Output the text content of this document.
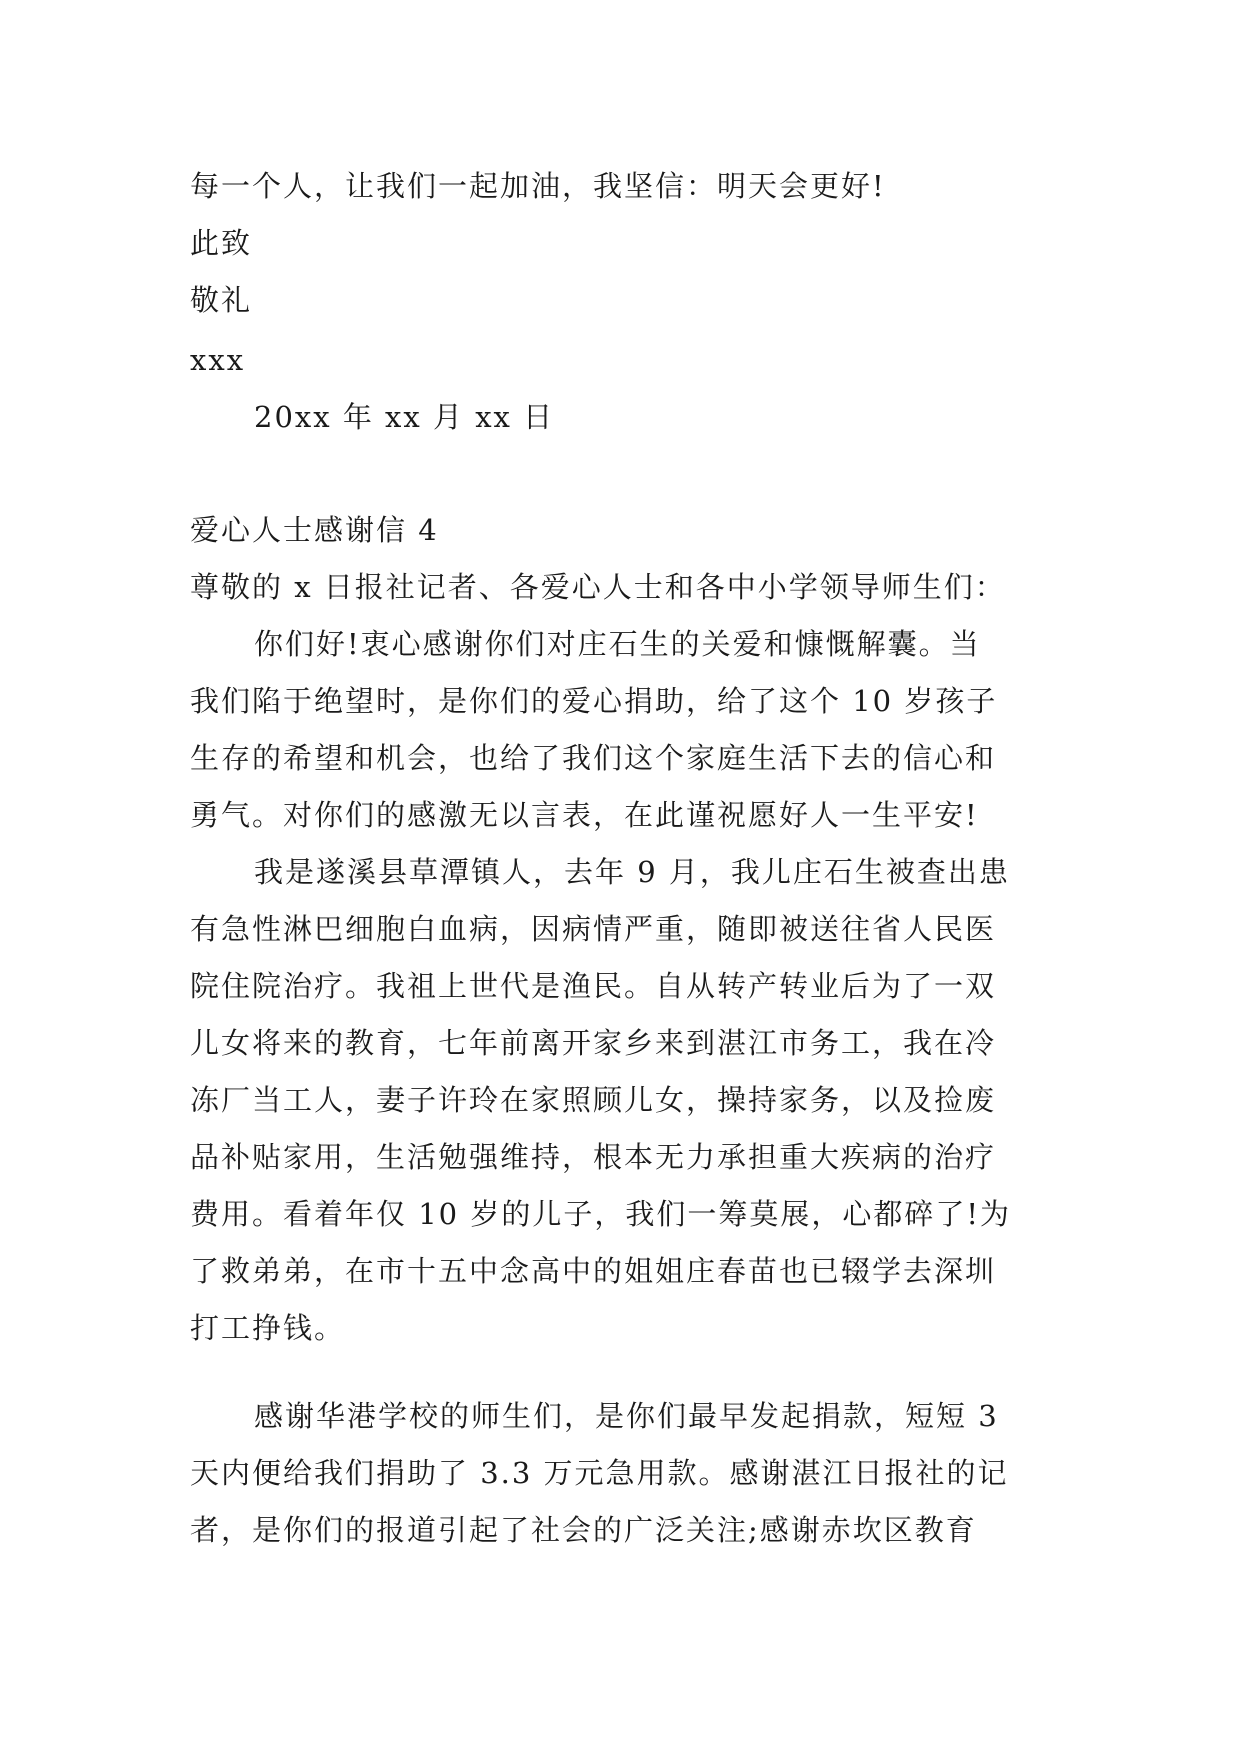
每一个人，让我们一起加油，我坚信：明天会更好!
此致
敬礼
xxx
20xx 年 xx 月 xx 日
爱心人士感谢信 4
尊敬的 x 日报社记者、各爱心人士和各中小学领导师生们：
你们好!衷心感谢你们对庄石生的关爱和慷慨解囊。当
我们陷于绝望时，是你们的爱心捐助，给了这个 10 岁孩子
生存的希望和机会，也给了我们这个家庭生活下去的信心和
勇气。对你们的感激无以言表，在此谨祝愿好人一生平安!
我是遂溪县草潭镇人，去年 9 月，我儿庄石生被查出患
有急性淋巴细胞白血病，因病情严重，随即被送往省人民医
院住院治疗。我祖上世代是渔民。自从转产转业后为了一双
儿女将来的教育，七年前离开家乡来到湛江市务工，我在冷
冻厂当工人，妻子许玲在家照顾儿女，操持家务，以及捡废
品补贴家用，生活勉强维持，根本无力承担重大疾病的治疗
费用。看着年仅 10 岁的儿子，我们一筹莫展，心都碎了!为
了救弟弟，在市十五中念高中的姐姐庄春苗也已辍学去深圳
打工挣钱。
感谢华港学校的师生们，是你们最早发起捐款，短短 3
天内便给我们捐助了 3.3 万元急用款。感谢湛江日报社的记
者，是你们的报道引起了社会的广泛关注;感谢赤坎区教育
